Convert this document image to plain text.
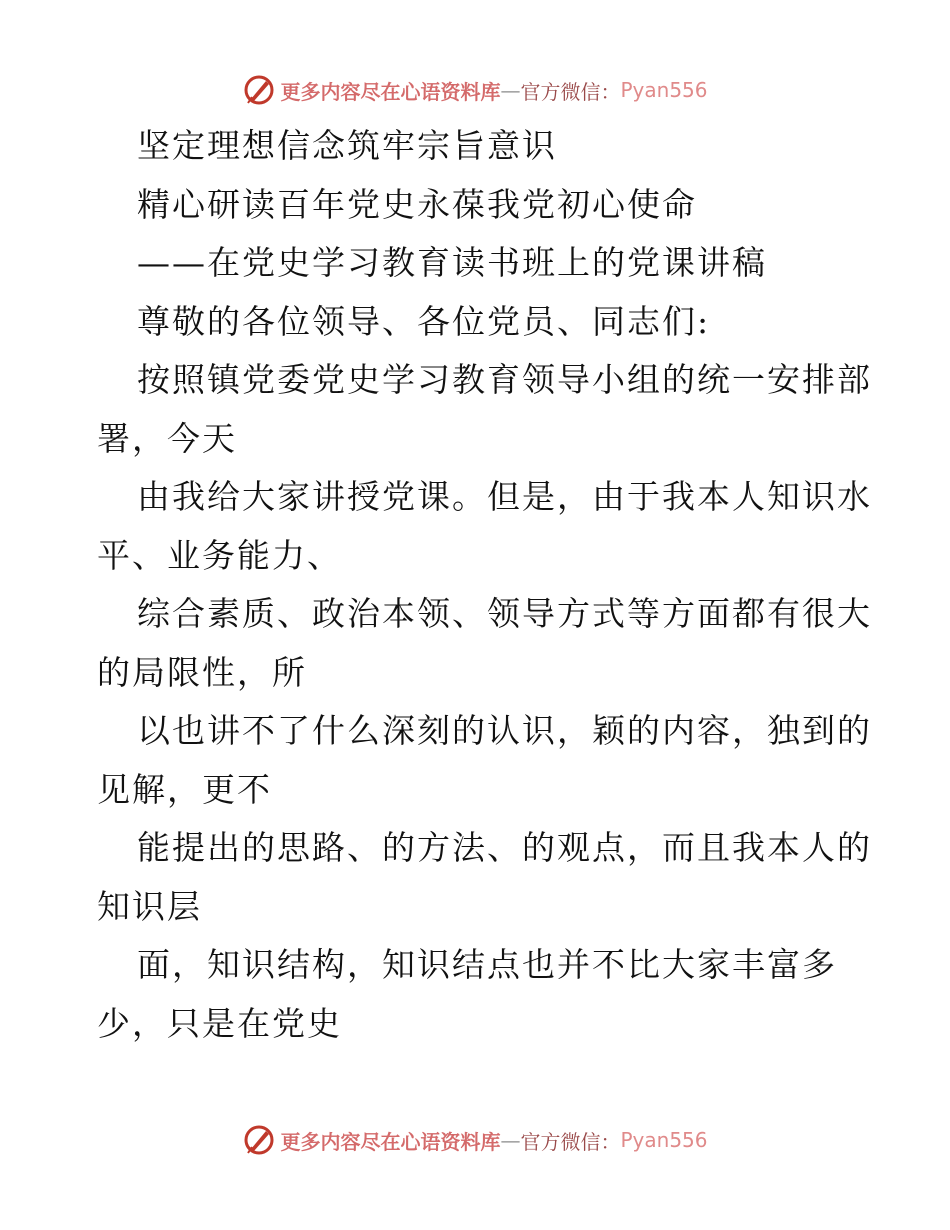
更多内容尽在心语资料库 — 官方微信： Pyan556
坚定理想信念筑牢宗旨意识
精心研读百年党史永葆我党初心使命
——在党史学习教育读书班上的党课讲稿
尊敬的各位领导、各位党员、同志们:
按照镇党委党史学习教育领导小组的统一安排部
署，今天
由我给大家讲授党课。但是，由于我本人知识水
平、业务能力、
综合素质、政治本领、领导方式等方面都有很大
的局限性，所
以也讲不了什么深刻的认识，颖的内容，独到的
见解，更不
能提出的思路、的方法、的观点，而且我本人的
知识层
面，知识结构，知识结点也并不比大家丰富多
少，只是在党史
更多内容尽在心语资料库 — 官方微信： Pyan556
